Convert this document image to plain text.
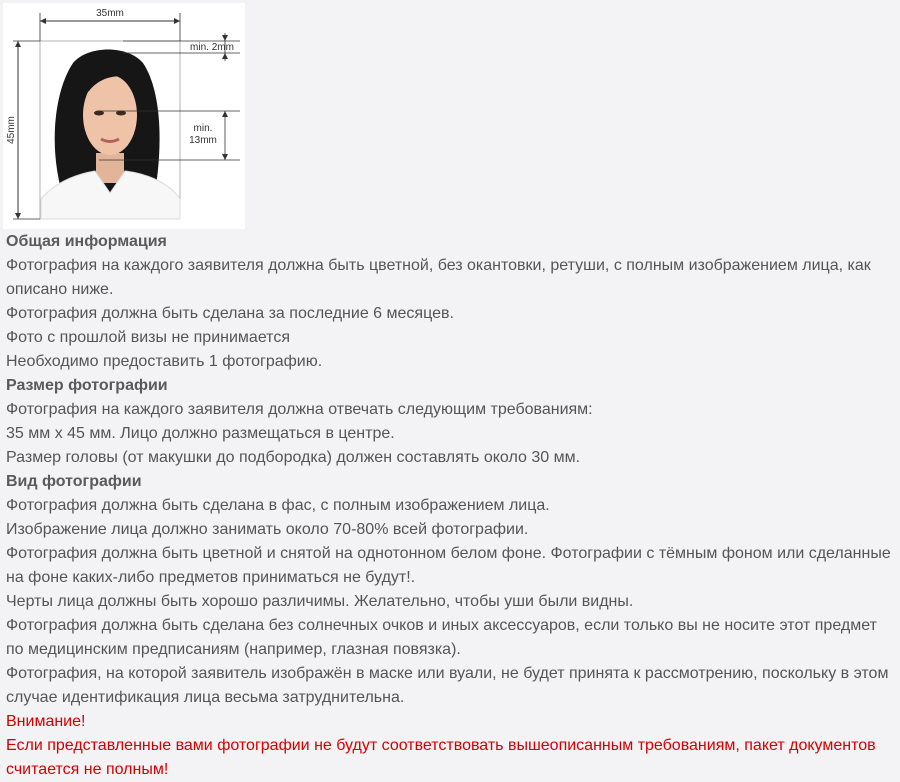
35mm
45mm
min. 2mm
min.
13mm

Общая информация

Фотография на каждого заявителя должна быть цветной, без окантовки, ретуши, с полным изображением лица, как описано ниже.

Фотография должна быть сделана за последние 6 месяцев.

Фото с прошлой визы не принимается

Необходимо предоставить 1 фотографию.

Размер фотографии

Фотография на каждого заявителя должна отвечать следующим требованиям:

35 мм х 45 мм. Лицо должно размещаться в центре.

Размер головы (от макушки до подбородка) должен составлять около 30 мм.

Вид фотографии

Фотография должна быть сделана в фас, с полным изображением лица.

Изображение лица должно занимать около 70-80% всей фотографии.

Фотография должна быть цветной и снятой на однотонном белом фоне. Фотографии с тёмным фоном или сделанные на фоне каких-либо предметов приниматься не будут!.

Черты лица должны быть хорошо различимы. Желательно, чтобы уши были видны.

Фотография должна быть сделана без солнечных очков и иных аксессуаров, если только вы не носите этот предмет по медицинским предписаниям (например, глазная повязка).

Фотография, на которой заявитель изображён в маске или вуали, не будет принята к рассмотрению, поскольку в этом случае идентификация лица весьма затруднительна.

Внимание!

Если представленные вами фотографии не будут соответствовать вышеописанным требованиям, пакет документов считается не полным!
